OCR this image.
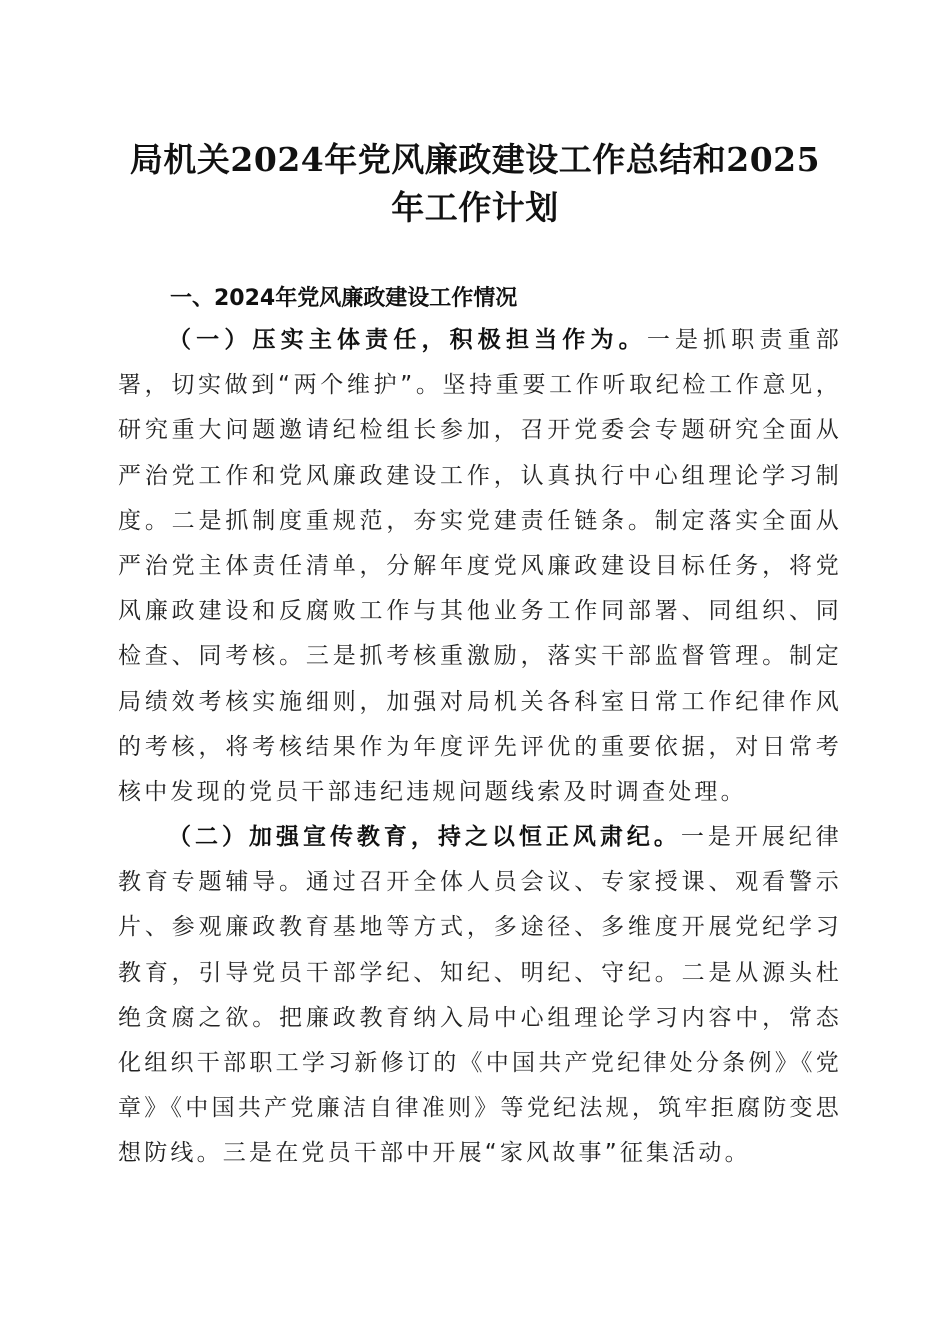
局机关2024年党风廉政建设工作总结和2025
年工作计划
一、2024年党风廉政建设工作情况

（一）压实主体责任，积极担当作为。一是抓职责重部署，切实做到“两个维护”。坚持重要工作听取纪检工作意见，研究重大问题邀请纪检组长参加，召开党委会专题研究全面从严治党工作和党风廉政建设工作，认真执行中心组理论学习制度。二是抓制度重规范，夯实党建责任链条。制定落实全面从严治党主体责任清单，分解年度党风廉政建设目标任务，将党风廉政建设和反腐败工作与其他业务工作同部署、同组织、同检查、同考核。三是抓考核重激励，落实干部监督管理。制定局绩效考核实施细则，加强对局机关各科室日常工作纪律作风的考核，将考核结果作为年度评先评优的重要依据，对日常考核中发现的党员干部违纪违规问题线索及时调查处理。

（二）加强宣传教育，持之以恒正风肃纪。一是开展纪律教育专题辅导。通过召开全体人员会议、专家授课、观看警示片、参观廉政教育基地等方式，多途径、多维度开展党纪学习教育，引导党员干部学纪、知纪、明纪、守纪。二是从源头杜绝贪腐之欲。把廉政教育纳入局中心组理论学习内容中，常态化组织干部职工学习新修订的《中国共产党纪律处分条例》《党章》《中国共产党廉洁自律准则》等党纪法规，筑牢拒腐防变思想防线。三是在党员干部中开展“家风故事”征集活动。
